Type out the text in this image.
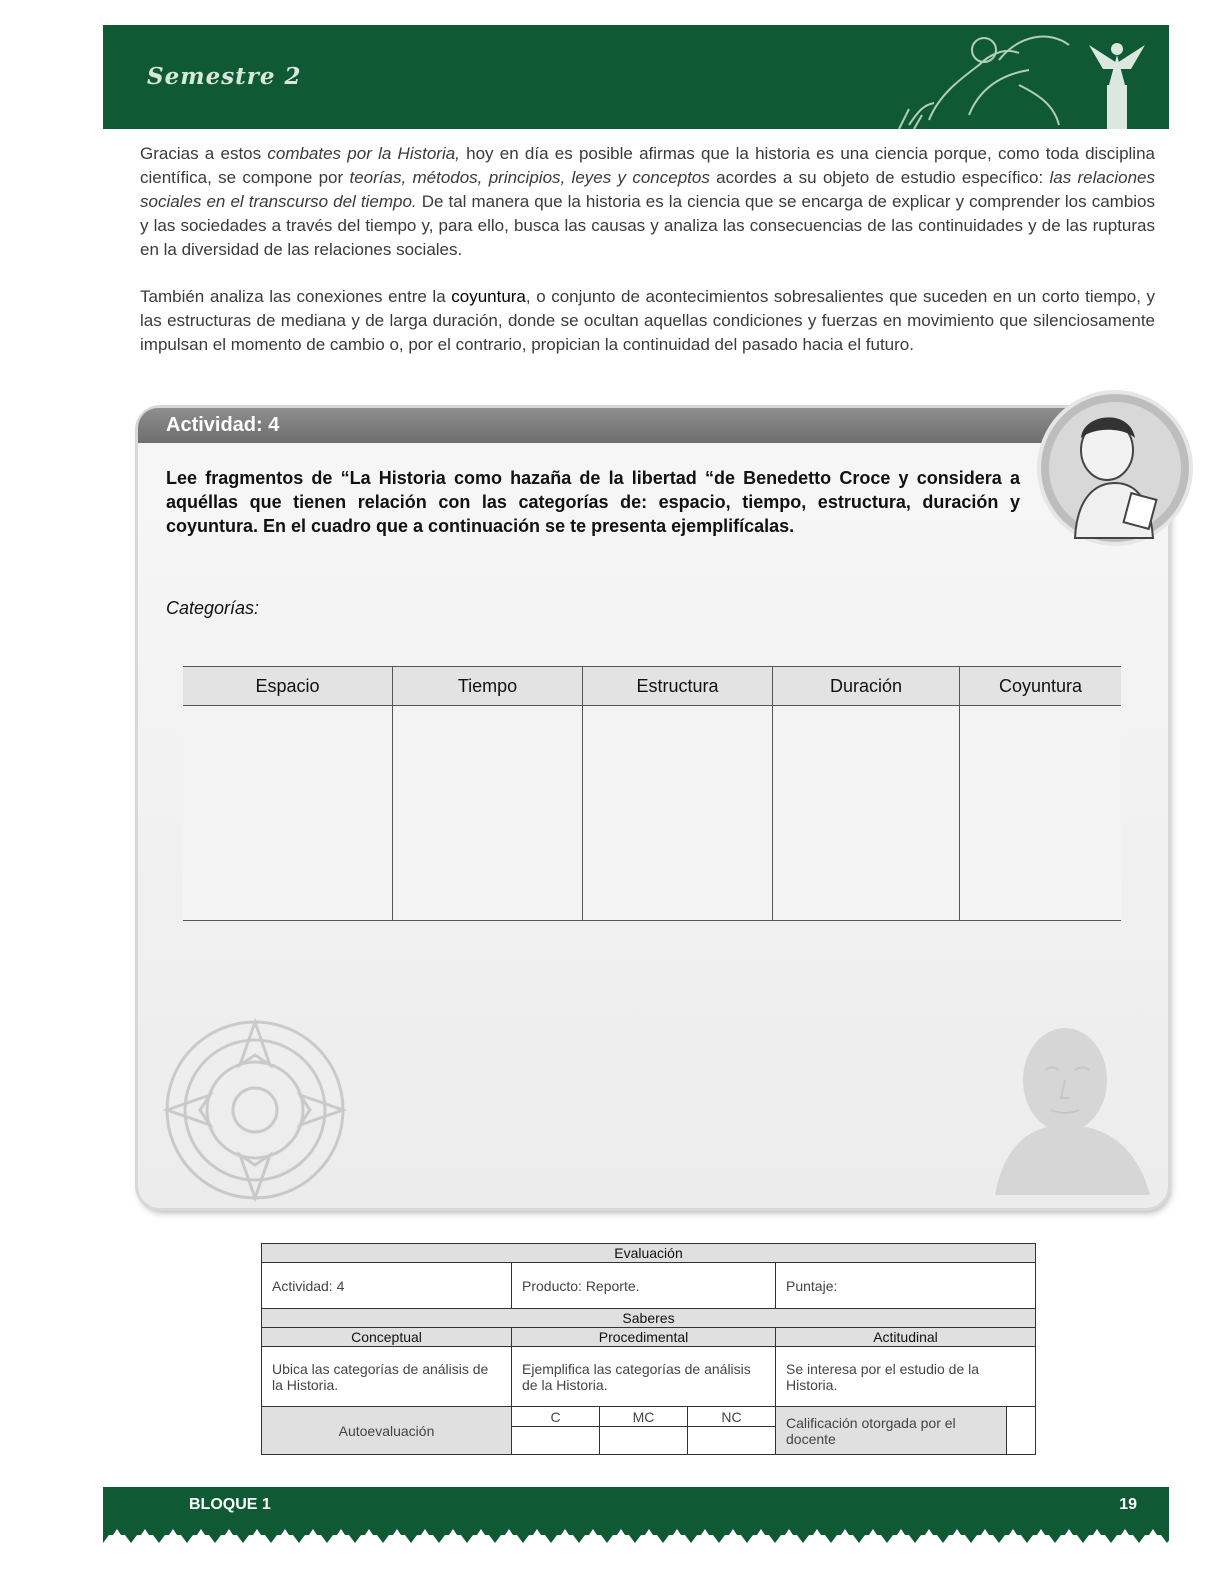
Semestre 2
Gracias a estos combates por la Historia, hoy en día es posible afirmas que la historia es una ciencia porque, como toda disciplina científica, se compone por teorías, métodos, principios, leyes y conceptos acordes a su objeto de estudio específico: las relaciones sociales en el transcurso del tiempo. De tal manera que la historia es la ciencia que se encarga de explicar y comprender los cambios y las sociedades a través del tiempo y, para ello, busca las causas y analiza las consecuencias de las continuidades y de las rupturas en la diversidad de las relaciones sociales.
También analiza las conexiones entre la coyuntura, o conjunto de acontecimientos sobresalientes que suceden en un corto tiempo, y las estructuras de mediana y de larga duración, donde se ocultan aquellas condiciones y fuerzas en movimiento que silenciosamente impulsan el momento de cambio o, por el contrario, propician la continuidad del pasado hacia el futuro.
Actividad: 4
Lee fragmentos de “La Historia como hazaña de la libertad “de Benedetto Croce y considera a aquéllas que tienen relación con las categorías de: espacio, tiempo, estructura, duración y coyuntura. En el cuadro que a continuación se te presenta ejemplifícalas.
Categorías:
Espacio	Tiempo	Estructura	Duración	Coyuntura

Evaluación					
Actividad: 4	Producto: Reporte.			Puntaje:	
Saberes					
Conceptual	Procedimental			Actitudinal	
Ubica las categorías de análisis de la Historia.	Ejemplifica las categorías de análisis de la Historia.			Se interesa por el estudio de la Historia.	
Autoevaluación	C	MC	NC	Calificación otorgada por el docente	

BLOQUE 1	19
